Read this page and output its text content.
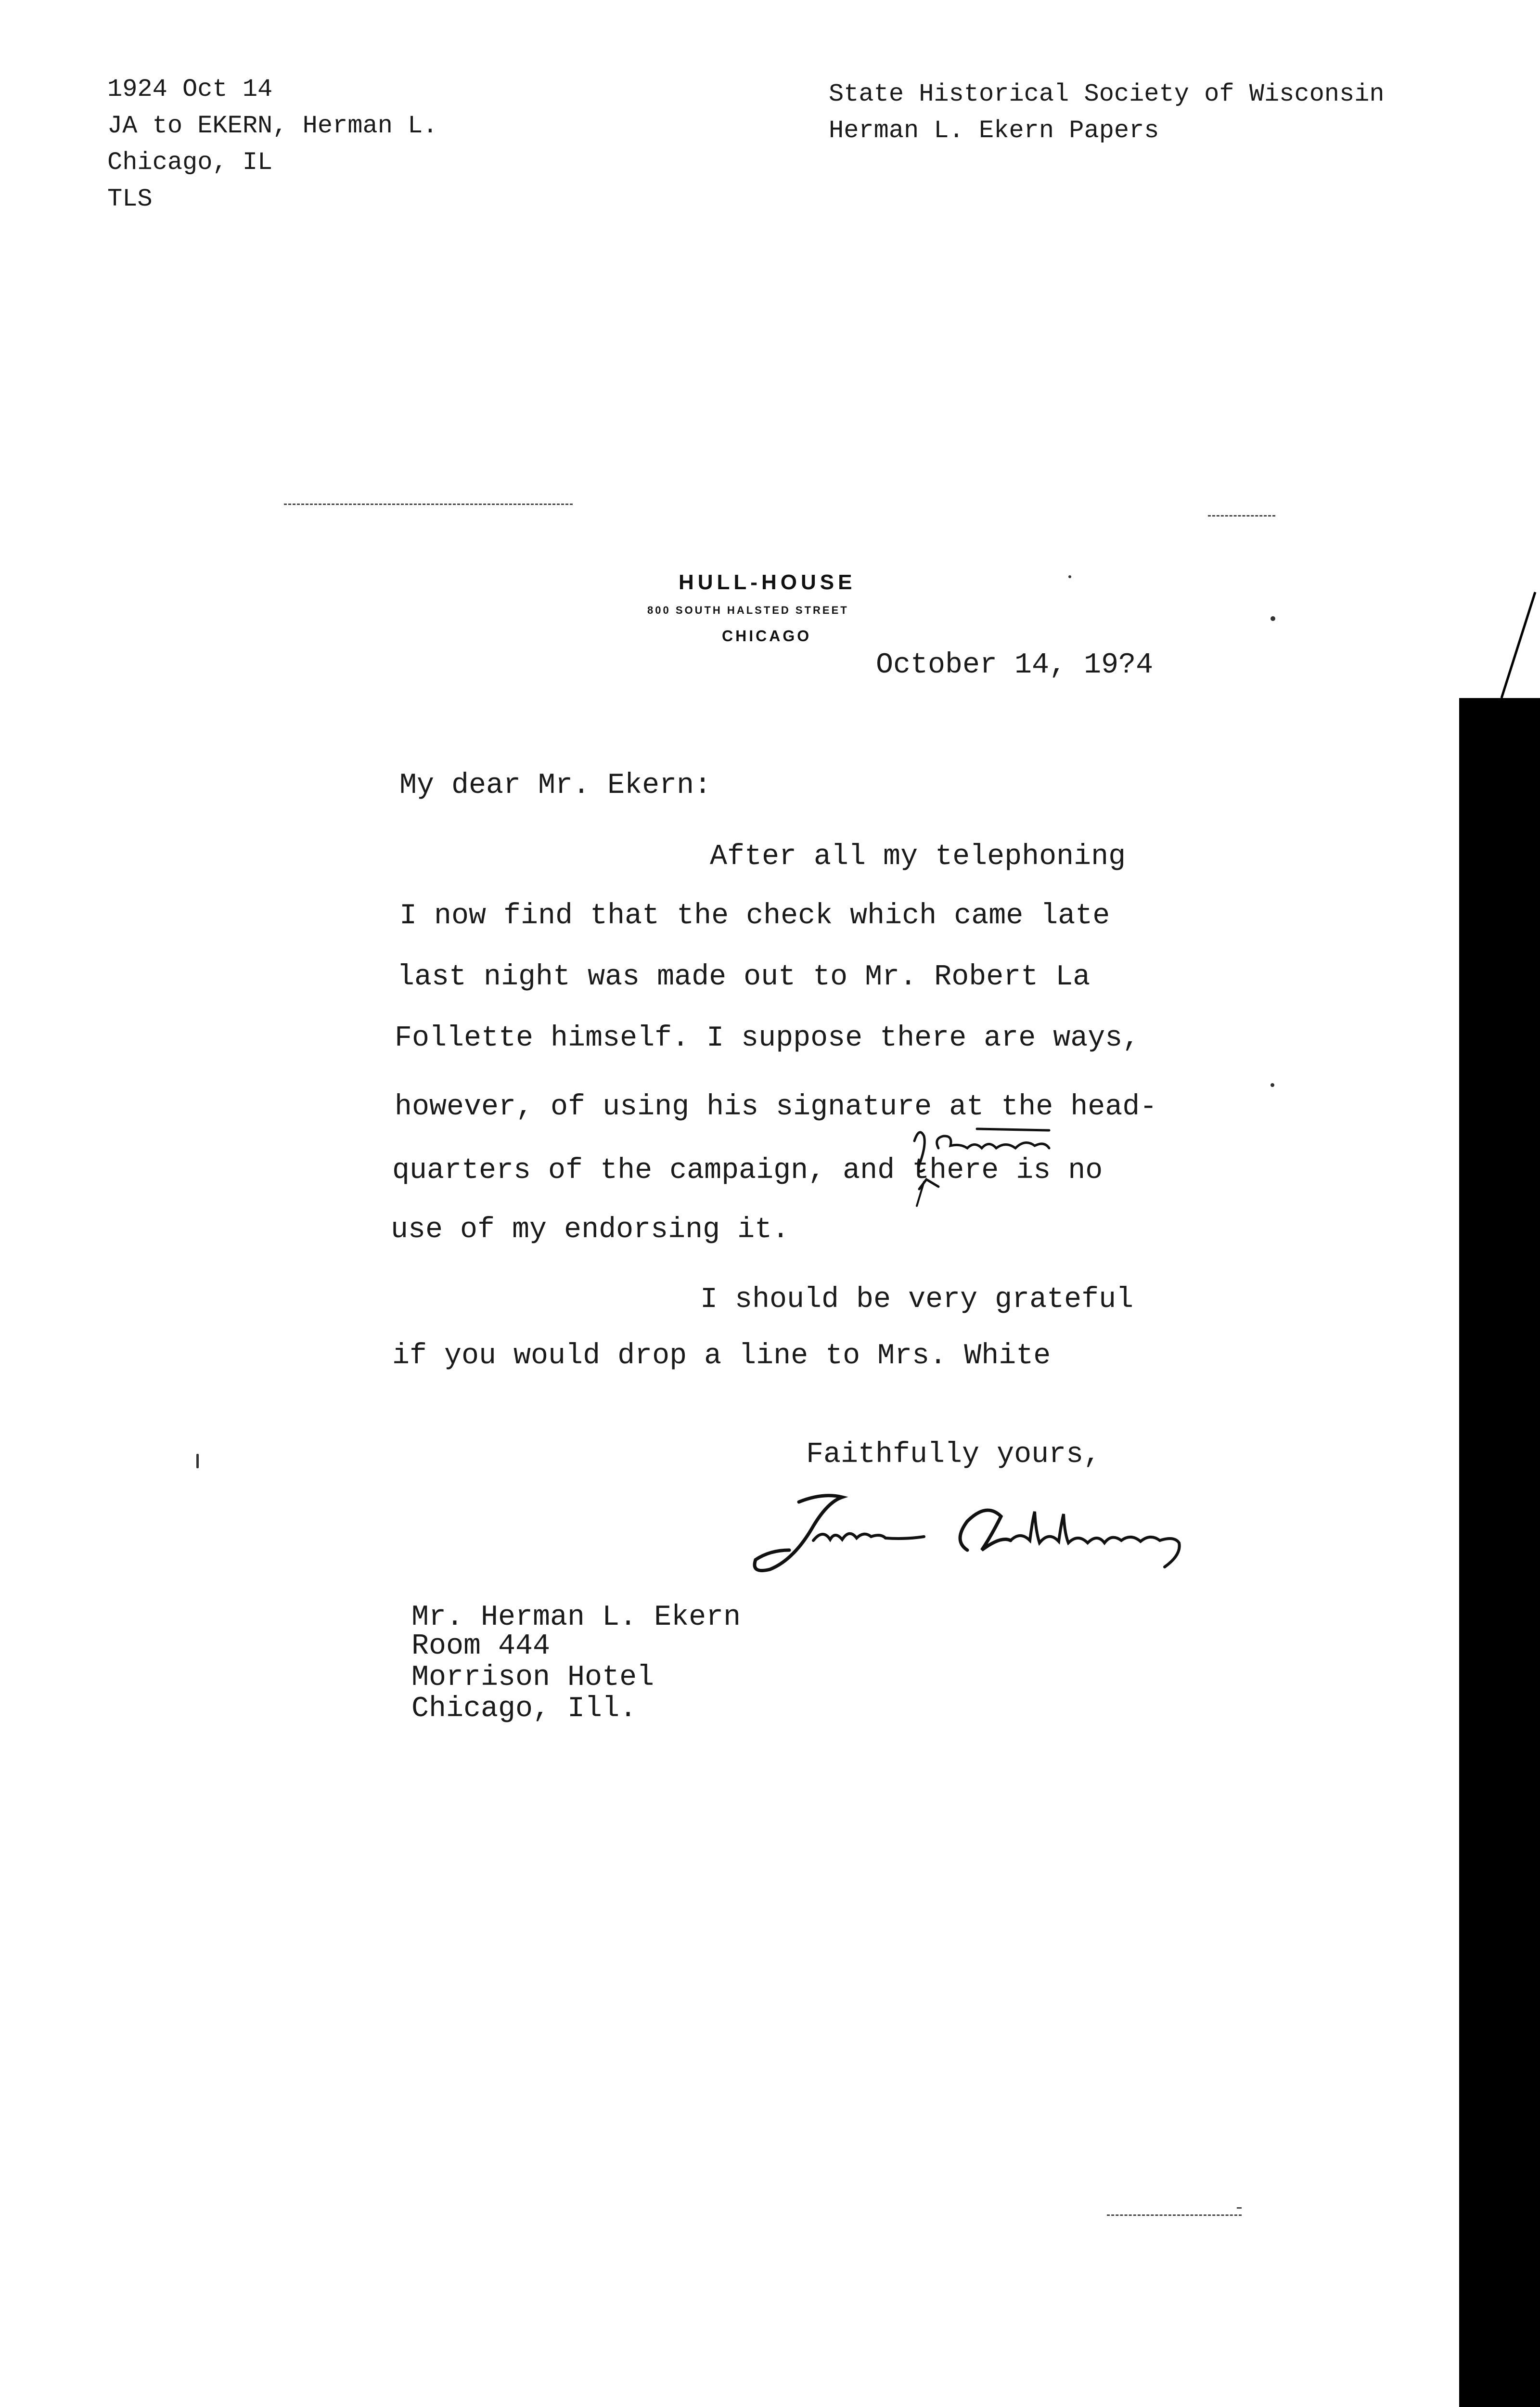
1924 Oct 14
JA to EKERN, Herman L.
Chicago, IL
TLS
State Historical Society of Wisconsin
Herman L. Ekern Papers
HULL-HOUSE
800 SOUTH HALSTED STREET
CHICAGO
October 14, 19?4
My dear Mr. Ekern:
After all my telephoning
I now find that the check which came late
last night was made out to Mr. Robert La
Follette himself. I suppose there are ways,
however, of using his signature at the head-
quarters of the campaign, and there is no
use of my endorsing it.
I should be very grateful
if you would drop a line to Mrs. White
Faithfully yours,
Mr. Herman L. Ekern
Room 444
Morrison Hotel
Chicago, Ill.
